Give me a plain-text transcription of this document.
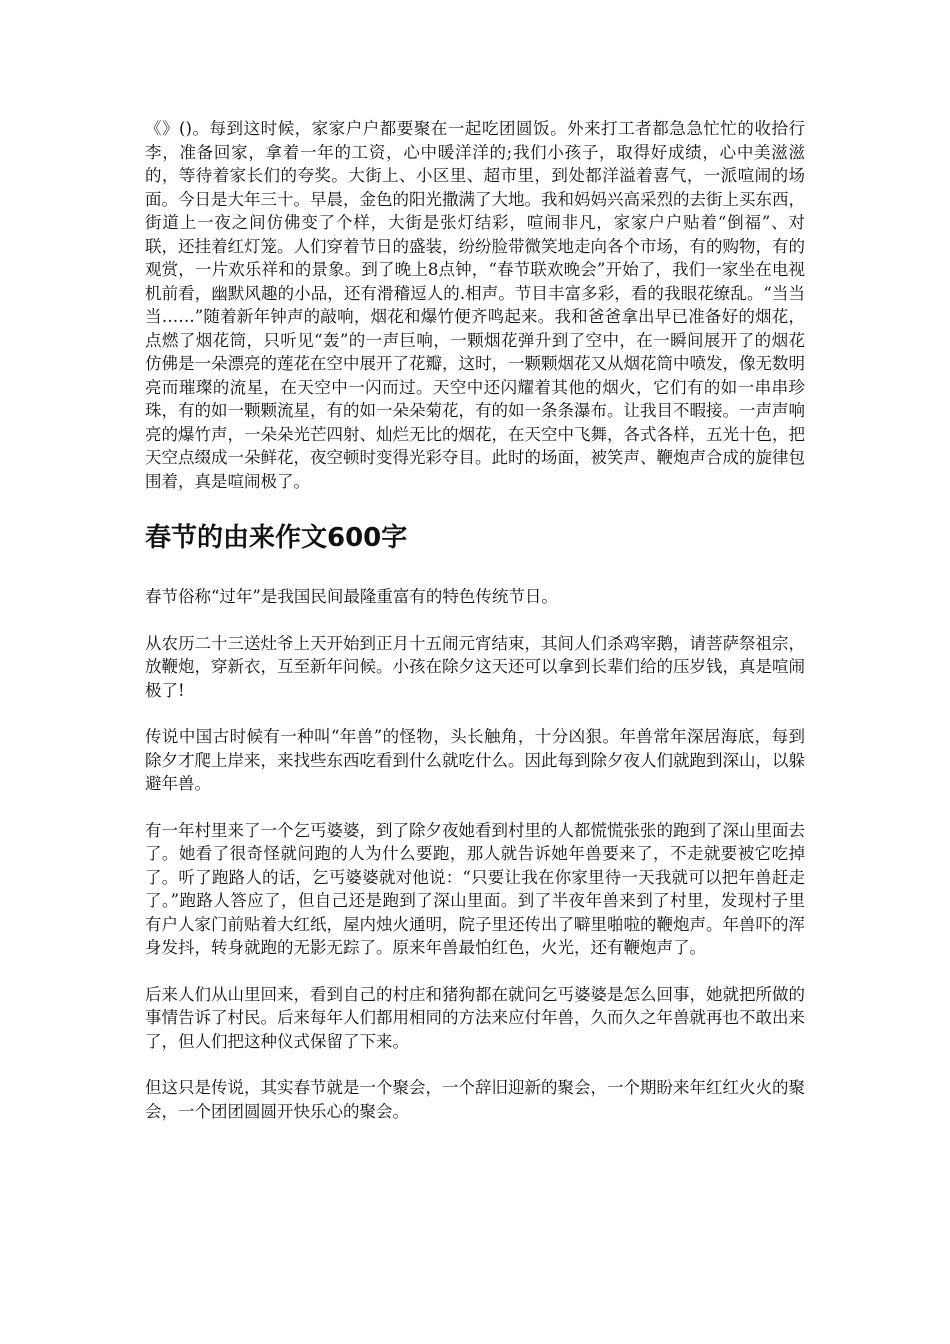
《》()。每到这时候，家家户户都要聚在一起吃团圆饭。外来打工者都急急忙忙的收拾行李，准备回家，拿着一年的工资，心中暖洋洋的;我们小孩子，取得好成绩，心中美滋滋的，等待着家长们的夸奖。大街上、小区里、超市里，到处都洋溢着喜气，一派喧闹的场面。今日是大年三十。早晨，金色的阳光撒满了大地。我和妈妈兴高采烈的去街上买东西，街道上一夜之间仿佛变了个样，大街是张灯结彩，喧闹非凡，家家户户贴着“倒福”、对联，还挂着红灯笼。人们穿着节日的盛装，纷纷脸带微笑地走向各个市场，有的购物，有的观赏，一片欢乐祥和的景象。到了晚上8点钟，“春节联欢晚会”开始了，我们一家坐在电视机前看，幽默风趣的小品，还有滑稽逗人的.相声。节目丰富多彩，看的我眼花缭乱。“当当当……”随着新年钟声的敲响，烟花和爆竹便齐鸣起来。我和爸爸拿出早已准备好的烟花，点燃了烟花筒，只听见“轰”的一声巨响，一颗烟花弹升到了空中，在一瞬间展开了的烟花仿佛是一朵漂亮的莲花在空中展开了花瓣，这时，一颗颗烟花又从烟花筒中喷发，像无数明亮而璀璨的流星，在天空中一闪而过。天空中还闪耀着其他的烟火，它们有的如一串串珍珠，有的如一颗颗流星，有的如一朵朵菊花，有的如一条条瀑布。让我目不暇接。一声声响亮的爆竹声，一朵朵光芒四射、灿烂无比的烟花，在天空中飞舞，各式各样，五光十色，把天空点缀成一朵鲜花，夜空顿时变得光彩夺目。此时的场面，被笑声、鞭炮声合成的旋律包围着，真是喧闹极了。

春节的由来作文600字

春节俗称“过年”是我国民间最隆重富有的特色传统节日。

从农历二十三送灶爷上天开始到正月十五闹元宵结束，其间人们杀鸡宰鹅，请菩萨祭祖宗，放鞭炮，穿新衣，互至新年问候。小孩在除夕这天还可以拿到长辈们给的压岁钱，真是喧闹极了!

传说中国古时候有一种叫“年兽”的怪物，头长触角，十分凶狠。年兽常年深居海底，每到除夕才爬上岸来，来找些东西吃看到什么就吃什么。因此每到除夕夜人们就跑到深山，以躲避年兽。

有一年村里来了一个乞丐婆婆，到了除夕夜她看到村里的人都慌慌张张的跑到了深山里面去了。她看了很奇怪就问跑的人为什么要跑，那人就告诉她年兽要来了，不走就要被它吃掉了。听了跑路人的话，乞丐婆婆就对他说：“只要让我在你家里待一天我就可以把年兽赶走了。”跑路人答应了，但自己还是跑到了深山里面。到了半夜年兽来到了村里，发现村子里有户人家门前贴着大红纸，屋内烛火通明，院子里还传出了噼里啪啦的鞭炮声。年兽吓的浑身发抖，转身就跑的无影无踪了。原来年兽最怕红色，火光，还有鞭炮声了。

后来人们从山里回来，看到自己的村庄和猪狗都在就问乞丐婆婆是怎么回事，她就把所做的事情告诉了村民。后来每年人们都用相同的方法来应付年兽，久而久之年兽就再也不敢出来了，但人们把这种仪式保留了下来。

但这只是传说，其实春节就是一个聚会，一个辞旧迎新的聚会，一个期盼来年红红火火的聚会，一个团团圆圆开快乐心的聚会。
